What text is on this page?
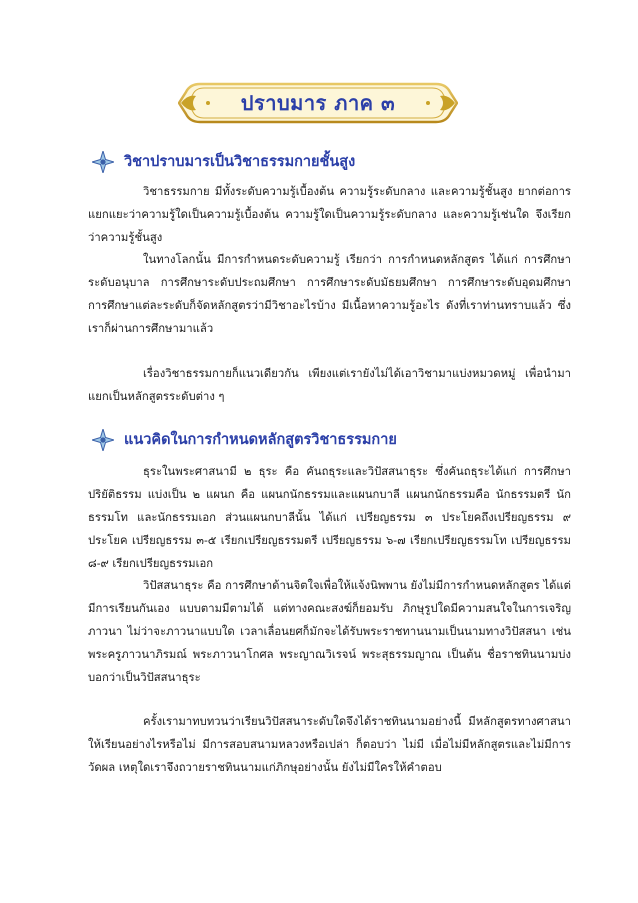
ปราบมาร ภาค ๓
วิชาปราบมารเป็นวิชาธรรมกายชั้นสูง

วิชาธรรมกาย มีทั้งระดับความรู้เบื้องต้น ความรู้ระดับกลาง และความรู้ชั้นสูง ยากต่อการแยกแยะว่าความรู้ใดเป็นความรู้เบื้องต้น ความรู้ใดเป็นความรู้ระดับกลาง และความรู้เช่นใด จึงเรียกว่าความรู้ชั้นสูง

ในทางโลกนั้น มีการกำหนดระดับความรู้ เรียกว่า การกำหนดหลักสูตร ได้แก่ การศึกษาระดับอนุบาล การศึกษาระดับประถมศึกษา การศึกษาระดับมัธยมศึกษา การศึกษาระดับอุดมศึกษา การศึกษาแต่ละระดับก็จัดหลักสูตรว่ามีวิชาอะไรบ้าง มีเนื้อหาความรู้อะไร ดังที่เราท่านทราบแล้ว ซึ่งเราก็ผ่านการศึกษามาแล้ว

เรื่องวิชาธรรมกายก็แนวเดียวกัน เพียงแต่เรายังไม่ได้เอาวิชามาแบ่งหมวดหมู่ เพื่อนำมาแยกเป็นหลักสูตรระดับต่าง ๆ

แนวคิดในการกำหนดหลักสูตรวิชาธรรมกาย

ธุระในพระศาสนามี ๒ ธุระ คือ คันถธุระและวิปัสสนาธุระ ซึ่งคันถธุระได้แก่ การศึกษาปริยัติธรรม แบ่งเป็น ๒ แผนก คือ แผนกนักธรรมและแผนกบาลี แผนกนักธรรมคือ นักธรรมตรี นักธรรมโท และนักธรรมเอก ส่วนแผนกบาลีนั้น ได้แก่ เปรียญธรรม ๓ ประโยคถึงเปรียญธรรม ๙ ประโยค เปรียญธรรม ๓-๕ เรียกเปรียญธรรมตรี เปรียญธรรม ๖-๗ เรียกเปรียญธรรมโท เปรียญธรรม ๘-๙ เรียกเปรียญธรรมเอก

วิปัสสนาธุระ คือ การศึกษาด้านจิตใจเพื่อให้แจ้งนิพพาน ยังไม่มีการกำหนดหลักสูตร ได้แต่มีการเรียนกันเอง แบบตามมีตามได้ แต่ทางคณะสงฆ์ก็ยอมรับ ภิกษุรูปใดมีความสนใจในการเจริญภาวนา ไม่ว่าจะภาวนาแบบใด เวลาเลื่อนยศก็มักจะได้รับพระราชทานนามเป็นนามทางวิปัสสนา เช่น พระครูภาวนาภิรมณ์ พระภาวนาโกศล พระญาณวิเรจน์ พระสุธรรมญาณ เป็นต้น ชื่อราชทินนามบ่งบอกว่าเป็นวิปัสสนาธุระ

ครั้งเรามาทบทวนว่าเรียนวิปัสสนาระดับใดจึงได้ราชทินนามอย่างนี้ มีหลักสูตรทางศาสนาให้เรียนอย่างไรหรือไม่ มีการสอบสนามหลวงหรือเปล่า ก็ตอบว่า ไม่มี เมื่อไม่มีหลักสูตรและไม่มีการวัดผล เหตุใดเราจึงถวายราชทินนามแก่ภิกษุอย่างนั้น ยังไม่มีใครให้คำตอบ
